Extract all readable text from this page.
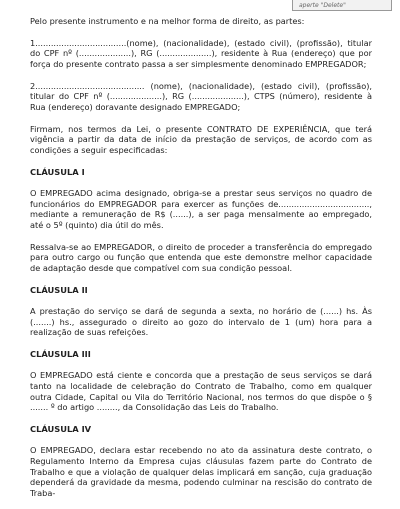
aperte "Delete"

Pelo presente instrumento e na melhor forma de direito, as partes:

1...................................(nome), (nacionalidade), (estado civil), (profissão), titular do CPF nº (....................), RG (....................), residente à Rua (endereço) que por força do presente contrato passa a ser simplesmente denominado EMPREGADOR;

2.......................................... (nome), (nacionalidade), (estado civil), (profissão), titular do CPF nº (....................), RG (....................), CTPS (número), residente à Rua (endereço) doravante designado EMPREGADO;

Firmam, nos termos da Lei, o presente CONTRATO DE EXPERIÊNCIA, que terá vigência a partir da data de início da prestação de serviços, de acordo com as condições a seguir especificadas:

CLÁUSULA I

O EMPREGADO acima designado, obriga-se a prestar seus serviços no quadro de funcionários do EMPREGADOR para exercer as funções de..................................., mediante a remuneração de R$ (......), a ser paga mensalmente ao empregado, até o 5º (quinto) dia útil do mês.

Ressalva-se ao EMPREGADOR, o direito de proceder a transferência do empregado para outro cargo ou função que entenda que este demonstre melhor capacidade de adaptação desde que compatível com sua condição pessoal.

CLÁUSULA II

A prestação do serviço se dará de segunda a sexta, no horário de (......) hs. Às (.......) hs., assegurado o direito ao gozo do intervalo de 1 (um) hora para a realização de suas refeições.

CLÁUSULA III

O EMPREGADO está ciente e concorda que a prestação de seus serviços se dará tanto na localidade de celebração do Contrato de Trabalho, como em qualquer outra Cidade, Capital ou Vila do Território Nacional, nos termos do que dispõe o § ....... º do artigo ........, da Consolidação das Leis do Trabalho.

CLÁUSULA IV

O EMPREGADO, declara estar recebendo no ato da assinatura deste contrato, o Regulamento Interno da Empresa cujas cláusulas fazem parte do Contrato de Trabalho e que a violação de qualquer delas implicará em sanção, cuja graduação dependerá da gravidade da mesma, podendo culminar na rescisão do contrato de Traba-
